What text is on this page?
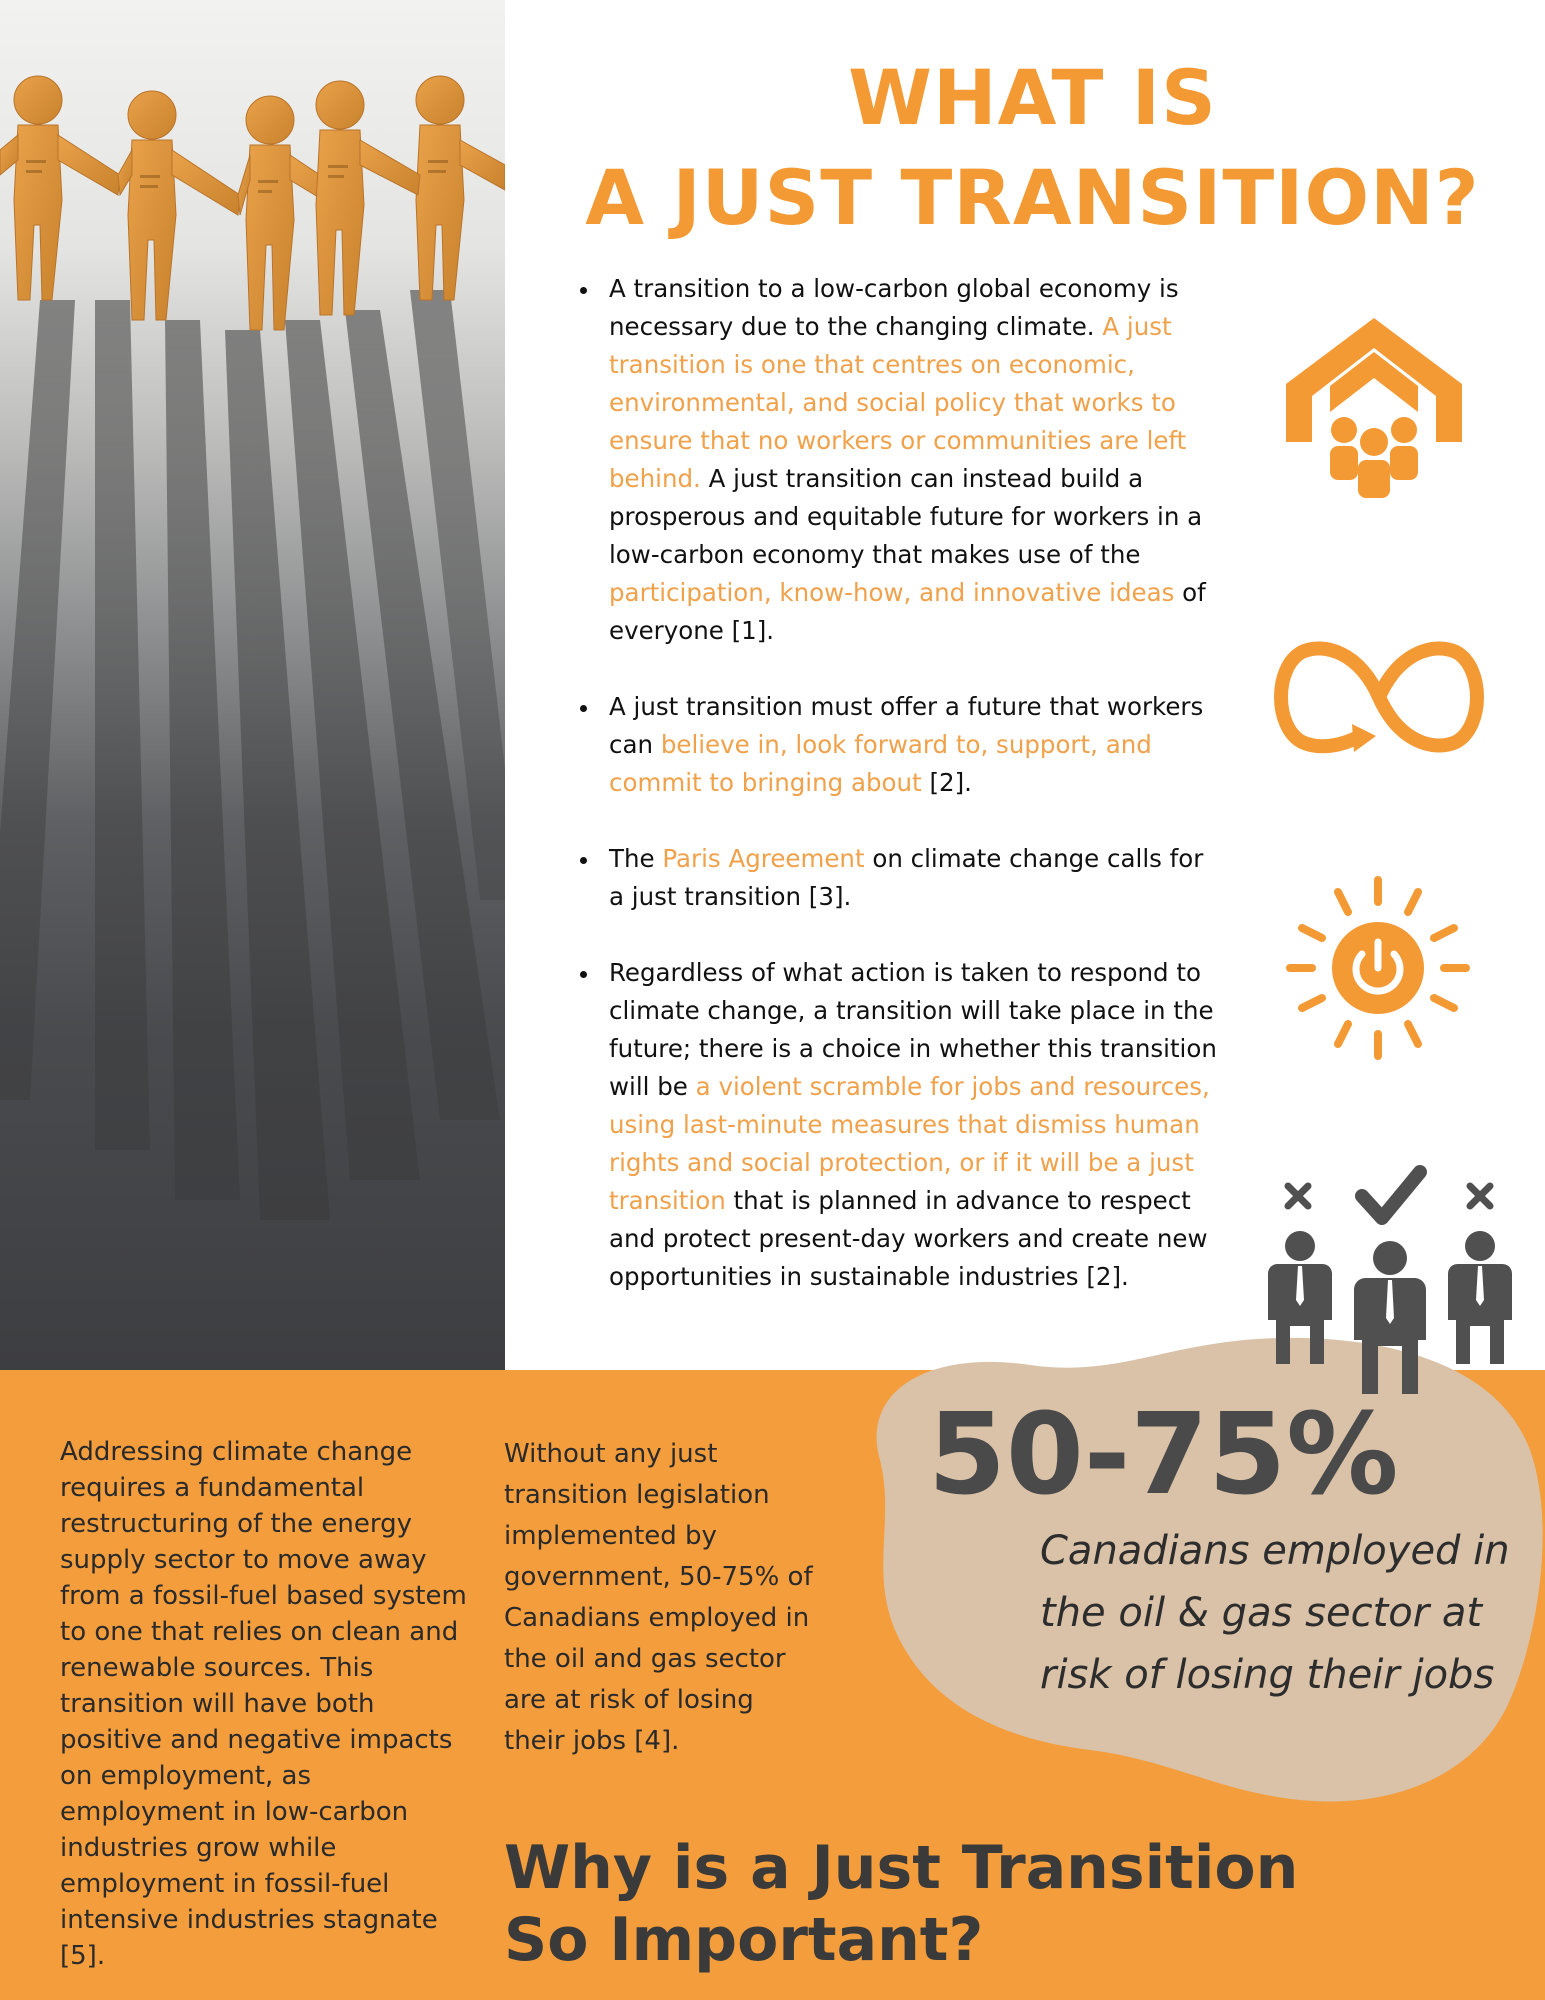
WHAT IS
A JUST TRANSITION?
A transition to a low-carbon global economy is necessary due to the changing climate. A just transition is one that centres on economic, environmental, and social policy that works to ensure that no workers or communities are left behind. A just transition can instead build a prosperous and equitable future for workers in a low-carbon economy that makes use of the participation, know-how, and innovative ideas of everyone [1].
A just transition must offer a future that workers can believe in, look forward to, support, and commit to bringing about [2].
The Paris Agreement on climate change calls for a just transition [3].
Regardless of what action is taken to respond to climate change, a transition will take place in the future; there is a choice in whether this transition will be a violent scramble for jobs and resources, using last-minute measures that dismiss human rights and social protection, or if it will be a just transition that is planned in advance to respect and protect present-day workers and create new opportunities in sustainable industries [2].
50-75%
Canadians employed in the oil & gas sector at risk of losing their jobs
Addressing climate change requires a fundamental restructuring of the energy supply sector to move away from a fossil-fuel based system to one that relies on clean and renewable sources. This transition will have both positive and negative impacts on employment, as employment in low-carbon industries grow while employment in fossil-fuel intensive industries stagnate [5].
Without any just transition legislation implemented by government, 50-75% of Canadians employed in the oil and gas sector are at risk of losing their jobs [4].
Why is a Just Transition
So Important?
